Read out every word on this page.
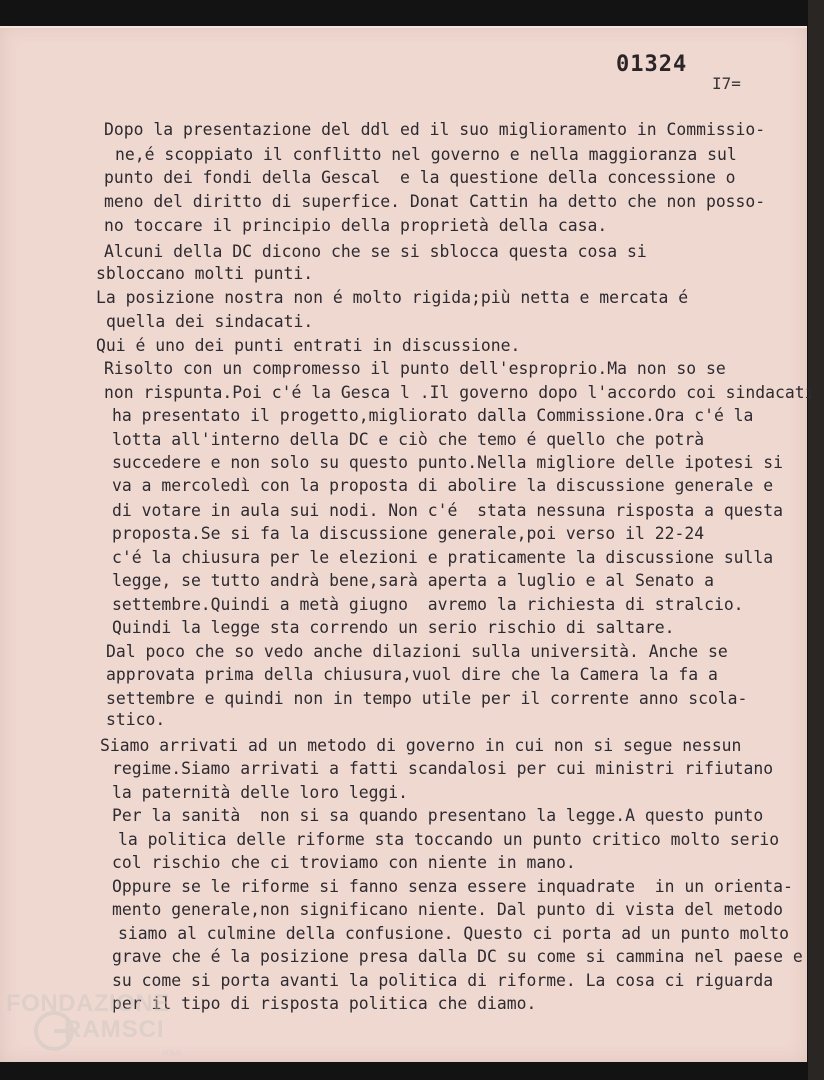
01324

I7=

Dopo la presentazione del ddl ed il suo miglioramento in Commissio-

ne,é scoppiato il conflitto nel governo e nella maggioranza sul

punto dei fondi della Gescal  e la questione della concessione o

meno del diritto di superfice. Donat Cattin ha detto che non posso-

no toccare il principio della proprietà della casa.

Alcuni della DC dicono che se si sblocca questa cosa si

sbloccano molti punti.

La posizione nostra non é molto rigida;più netta e mercata é

quella dei sindacati.

Qui é uno dei punti entrati in discussione.

Risolto con un compromesso il punto dell'esproprio.Ma non so se

non rispunta.Poi c'é la Gesca l .Il governo dopo l'accordo coi sindacati

ha presentato il progetto,migliorato dalla Commissione.Ora c'é la

lotta all'interno della DC e ciò che temo é quello che potrà

succedere e non solo su questo punto.Nella migliore delle ipotesi si

va a mercoledì con la proposta di abolire la discussione generale e

di votare in aula sui nodi. Non c'é  stata nessuna risposta a questa

proposta.Se si fa la discussione generale,poi verso il 22-24

c'é la chiusura per le elezioni e praticamente la discussione sulla

legge, se tutto andrà bene,sarà aperta a luglio e al Senato a

settembre.Quindi a metà giugno  avremo la richiesta di stralcio.

Quindi la legge sta correndo un serio rischio di saltare.

Dal poco che so vedo anche dilazioni sulla università. Anche se

approvata prima della chiusura,vuol dire che la Camera la fa a

settembre e quindi non in tempo utile per il corrente anno scola-

stico.

Siamo arrivati ad un metodo di governo in cui non si segue nessun

regime.Siamo arrivati a fatti scandalosi per cui ministri rifiutano

la paternità delle loro leggi.

Per la sanità  non si sa quando presentano la legge.A questo punto

la politica delle riforme sta toccando un punto critico molto serio

col rischio che ci troviamo con niente in mano.

Oppure se le riforme si fanno senza essere inquadrate  in un orienta-

mento generale,non significano niente. Dal punto di vista del metodo

siamo al culmine della confusione. Questo ci porta ad un punto molto

grave che é la posizione presa dalla DC su come si cammina nel paese e

su come si porta avanti la politica di riforme. La cosa ci riguarda

per il tipo di risposta politica che diamo.

FONDAZIONE

RAMSCI

onlus
